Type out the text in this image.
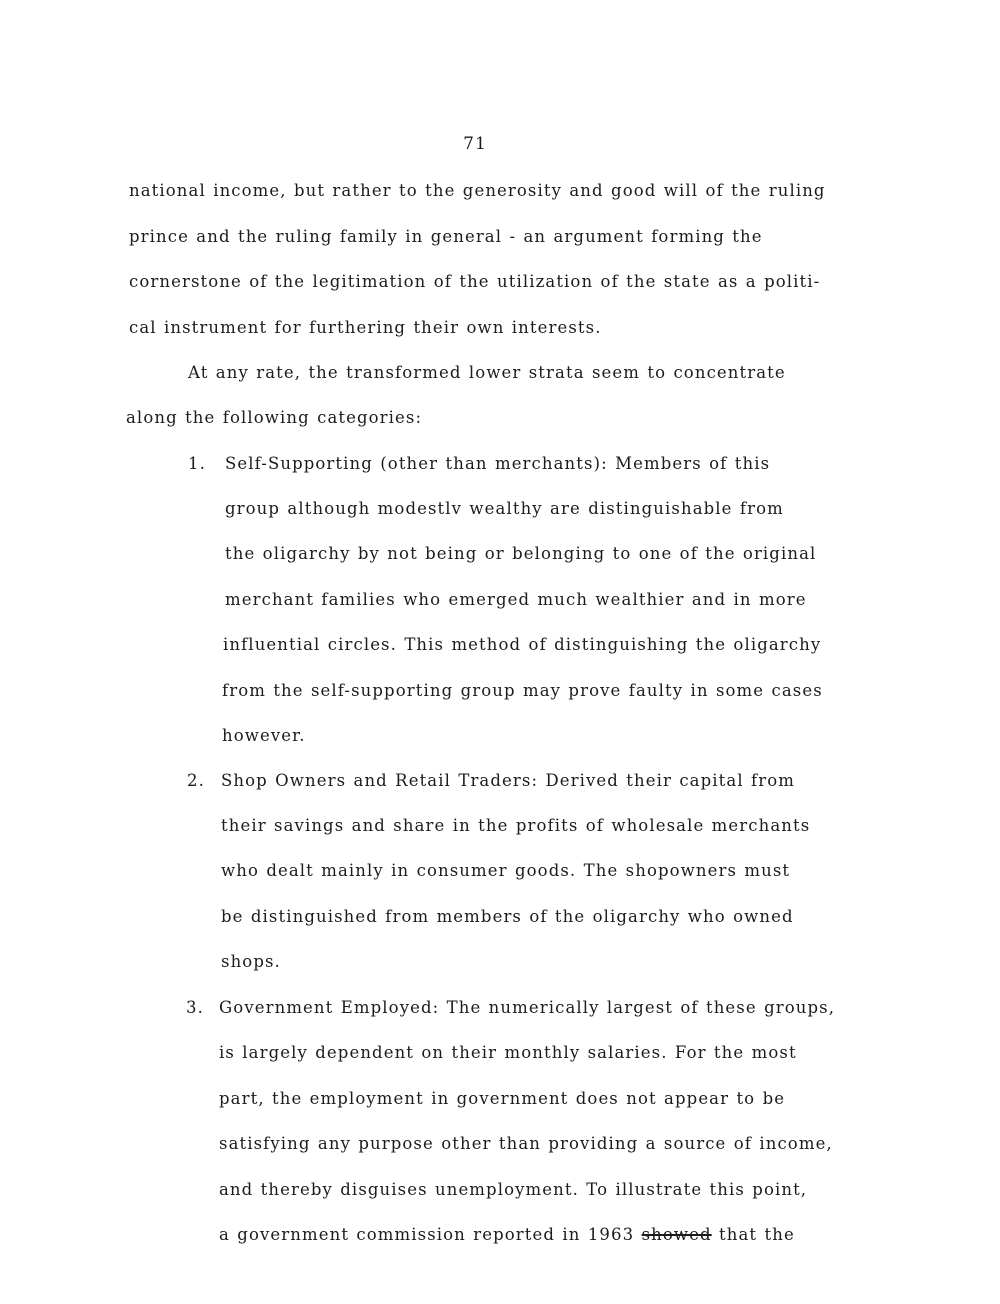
71
national income, but rather to the generosity and good will of the ruling
prince and the ruling family in general - an argument forming the
cornerstone of the legitimation of the utilization of the state as a politi-
cal instrument for furthering their own interests.
At any rate, the transformed lower strata seem to concentrate
along the following categories:
1. Self-Supporting (other than merchants): Members of this
group although modestlv wealthy are distinguishable from
the oligarchy by not being or belonging to one of the original
merchant families who emerged much wealthier and in more
influential circles. This method of distinguishing the oligarchy
from the self-supporting group may prove faulty in some cases
however.
2. Shop Owners and Retail Traders: Derived their capital from
their savings and share in the profits of wholesale merchants
who dealt mainly in consumer goods. The shopowners must
be distinguished from members of the oligarchy who owned
shops.
3. Government Employed: The numerically largest of these groups,
is largely dependent on their monthly salaries. For the most
part, the employment in government does not appear to be
satisfying any purpose other than providing a source of income,
and thereby disguises unemployment. To illustrate this point,
a government commission reported in 1963 showed that the
